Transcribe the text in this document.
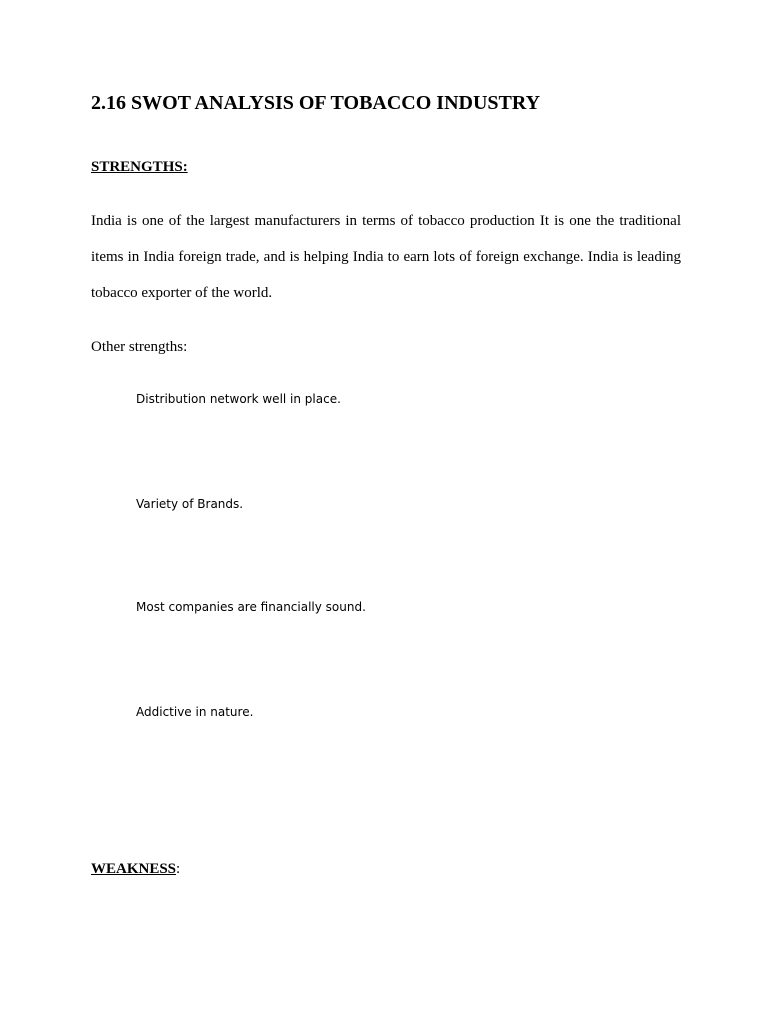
2.16 SWOT ANALYSIS OF TOBACCO INDUSTRY
STRENGTHS:

India is one of the largest manufacturers in terms of tobacco production It is one the traditional items in India foreign trade, and is helping India to earn lots of foreign exchange. India is leading tobacco exporter of the world.

Other strengths:

Distribution network well in place.

Variety of Brands.

Most companies are financially sound.

Addictive in nature.

WEAKNESS:
